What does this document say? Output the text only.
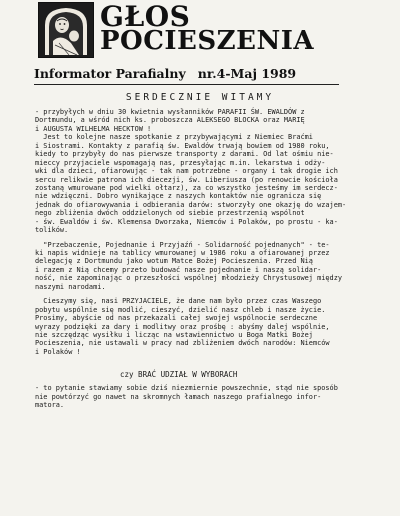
GŁOS
POCIESZENIA
Informator Parafialny nr.4-Maj 1989
SERDECZNIE WITAMY
- przybyłych w dniu 30 kwietnia wysłanników PARAFII ŚW. EWALDÓW z
Dortmundu, a wśród nich ks. proboszcza ALEKSEGO BLOCKA oraz MARIĘ
i AUGUSTA WILHELMA HECKTOW !
Jest to kolejne nasze spotkanie z przybywającymi z Niemiec Braćmi
i Siostrami. Kontakty z parafią św. Ewaldów trwają bowiem od 1980 roku,
kiedy to przybyły do nas pierwsze transporty z darami. Od lat ośmiu nie-
mieccy przyjaciele wspomagają nas, przesyłając m.in. lekarstwa i odży-
wki dla dzieci, ofiarowując - tak nam potrzebne - organy i tak drogie ich
sercu relikwie patrona ich diecezji, św. Liberiusza (po renowcie kościoła
zostaną wmurowane pod wielki ołtarz), za co wszystko jesteśmy im serdecz-
nie wdzięczni. Dobro wynikające z naszych kontaktów nie ogranicza się
jednak do ofiarowywania i odbierania darów: stworzyły one okazję do wzajem-
nego zbliżenia dwóch oddzielonych od siebie przestrzenią wspólnot
- św. Ewaldów i św. Klemensa Dworzaka, Niemców i Polaków, po prostu - ka-
tolików.
"Przebaczenie, Pojednanie i Przyjaźń - Solidarność pojednanych" - te-
ki napis widnieje na tablicy wmurowanej w 1986 roku a ofiarowanej przez
delegację z Dortmundu jako wotum Matce Bożej Pocieszenia. Przed Nią
i razem z Nią chcemy przeto budować nasze pojednanie i naszą solidar-
ność, nie zapominając o przeszłości wspólnej młodzieży Chrystusowej między
naszymi narodami.
Cieszymy się, nasi PRZYJACIELE, że dane nam było przez czas Waszego
pobytu wspólnie się modlić, cieszyć, dzielić nasz chleb i nasze życie.
Prosimy, abyście od nas przekazali całej swojej wspólnocie serdeczne
wyrazy podzięki za dary i modlitwy oraz prośbę : abyśmy dalej wspólnie,
nie szczędząc wysiłku i licząc na wstawiennictwo u Boga Matki Bożej
Pocieszenia, nie ustawali w pracy nad zbliżeniem dwóch narodów: Niemców
i Polaków !
czy BRAĆ UDZIAŁ W WYBORACH
- to pytanie stawiamy sobie dziś niezmiernie powszechnie, stąd nie sposób
nie powtórzyć go nawet na skromnych łamach naszego prafialnego infor-
matora.
